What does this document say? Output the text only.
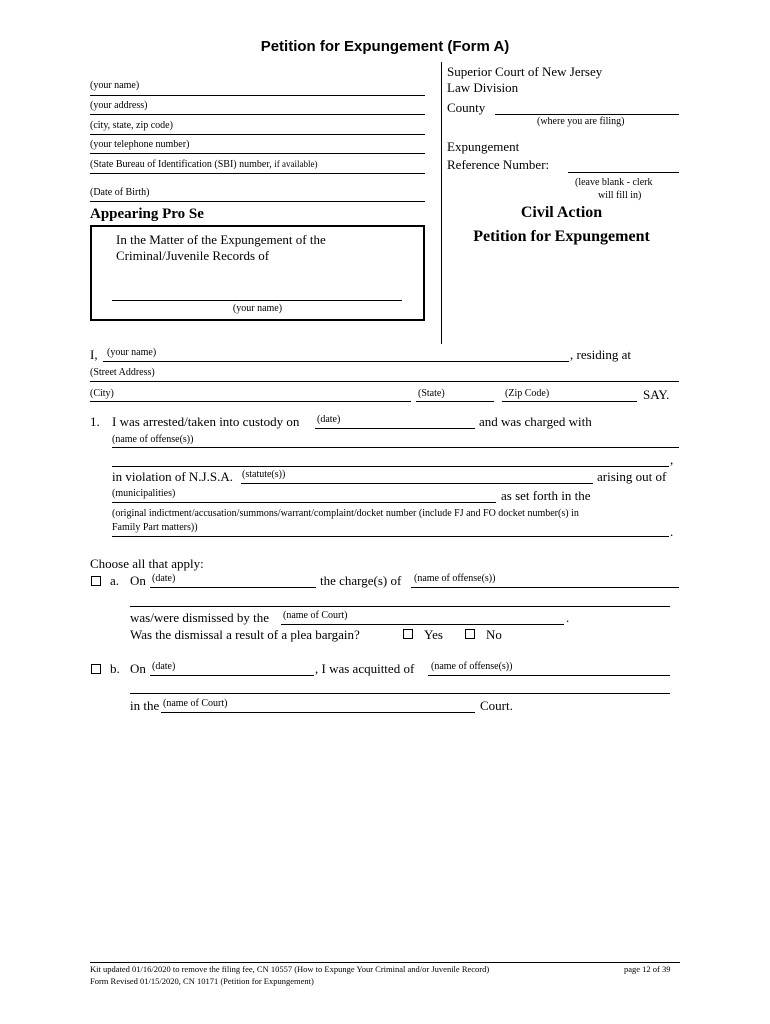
Petition for Expungement (Form A)
(your name)
(your address)
(city, state, zip code)
(your telephone number)
(State Bureau of Identification (SBI) number, if available)
(Date of Birth)
Appearing Pro Se
In the Matter of the Expungement of the
Criminal/Juvenile Records of
(your name)
Superior Court of New Jersey
Law Division
County
(where you are filing)
Expungement
Reference Number:
(leave blank - clerk
will fill in)
Civil Action
Petition for Expungement
I, (your name)	, residing at
(Street Address)
(City)	(State)	(Zip Code)	SAY.
1. I was arrested/taken into custody on (date)	and was charged with
(name of offense(s))
,
in violation of N.J.S.A. (statute(s))	arising out of
(municipalities)	as set forth in the
(original indictment/accusation/summons/warrant/complaint/docket number (include FJ and FO docket number(s) in
Family Part matters))	.
Choose all that apply:
a. On (date)	the charge(s) of (name of offense(s))
was/were dismissed by the (name of Court)	.
Was the dismissal a result of a plea bargain?	Yes	No
b. On (date)	, I was acquitted of (name of offense(s))
in the (name of Court)	Court.
Kit updated 01/16/2020 to remove the filing fee, CN 10557 (How to Expunge Your Criminal and/or Juvenile Record)
Form Revised 01/15/2020, CN 10171 (Petition for Expungement)
page 12 of 39
